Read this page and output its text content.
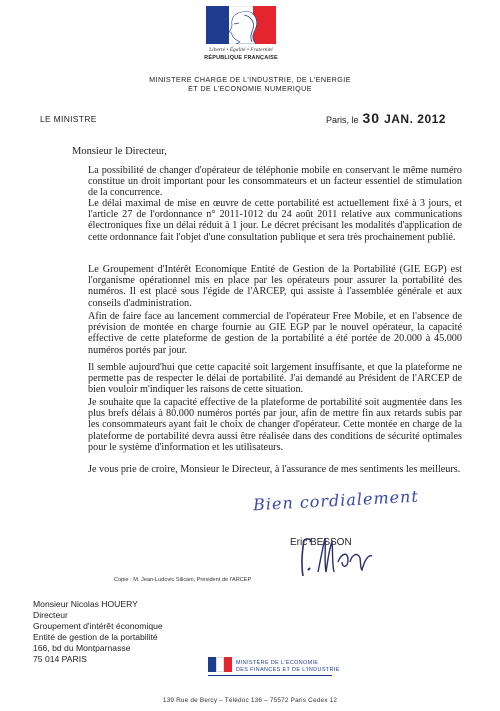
Liberté • Égalité • Fraternité
RÉPUBLIQUE FRANÇAISE
MINISTERE CHARGE DE L'INDUSTRIE, DE L'ENERGIE
ET DE L'ECONOMIE NUMERIQUE
LE MINISTRE	Paris, le 30 JAN. 2012
Monsieur le Directeur,
La possibilité de changer d'opérateur de téléphonie mobile en conservant le même numéro constitue un droit important pour les consommateurs et un facteur essentiel de stimulation de la concurrence.
Le délai maximal de mise en œuvre de cette portabilité est actuellement fixé à 3 jours, et l'article 27 de l'ordonnance n° 2011-1012 du 24 août 2011 relative aux communications électroniques fixe un délai réduit à 1 jour. Le décret précisant les modalités d'application de cette ordonnance fait l'objet d'une consultation publique et sera très prochainement publié.
Le Groupement d'Intérêt Economique Entité de Gestion de la Portabilité (GIE EGP) est l'organisme opérationnel mis en place par les opérateurs pour assurer la portabilité des numéros. Il est placé sous l'égide de l'ARCEP, qui assiste à l'assemblée générale et aux conseils d'administration.
Afin de faire face au lancement commercial de l'opérateur Free Mobile, et en l'absence de prévision de montée en charge fournie au GIE EGP par le nouvel opérateur, la capacité effective de cette plateforme de gestion de la portabilité a été portée de 20.000 à 45.000 numéros portés par jour.
Il semble aujourd'hui que cette capacité soit largement insuffisante, et que la plateforme ne permette pas de respecter le délai de portabilité. J'ai demandé au Président de l'ARCEP de bien vouloir m'indiquer les raisons de cette situation.
Je souhaite que la capacité effective de la plateforme de portabilité soit augmentée dans les plus brefs délais à 80.000 numéros portés par jour, afin de mettre fin aux retards subis par les consommateurs ayant fait le choix de changer d'opérateur. Cette montée en charge de la plateforme de portabilité devra aussi être réalisée dans des conditions de sécurité optimales pour le système d'information et les utilisateurs.
Je vous prie de croire, Monsieur le Directeur, à l'assurance de mes sentiments les meilleurs.
Bien cordialement
Eric BESSON
Copie : M. Jean-Ludovic Silicani, Président de l'ARCEP
Monsieur Nicolas HOUERY
Directeur
Groupement d'intérêt économique
Entité de gestion de la portabilité
166, bd du Montparnasse
75 014 PARIS	MINISTÈRE DE L'ÉCONOMIE
DES FINANCES ET DE L'INDUSTRIE
139 Rue de Bercy – Télédoc 136 – 75572 Paris Cedex 12
